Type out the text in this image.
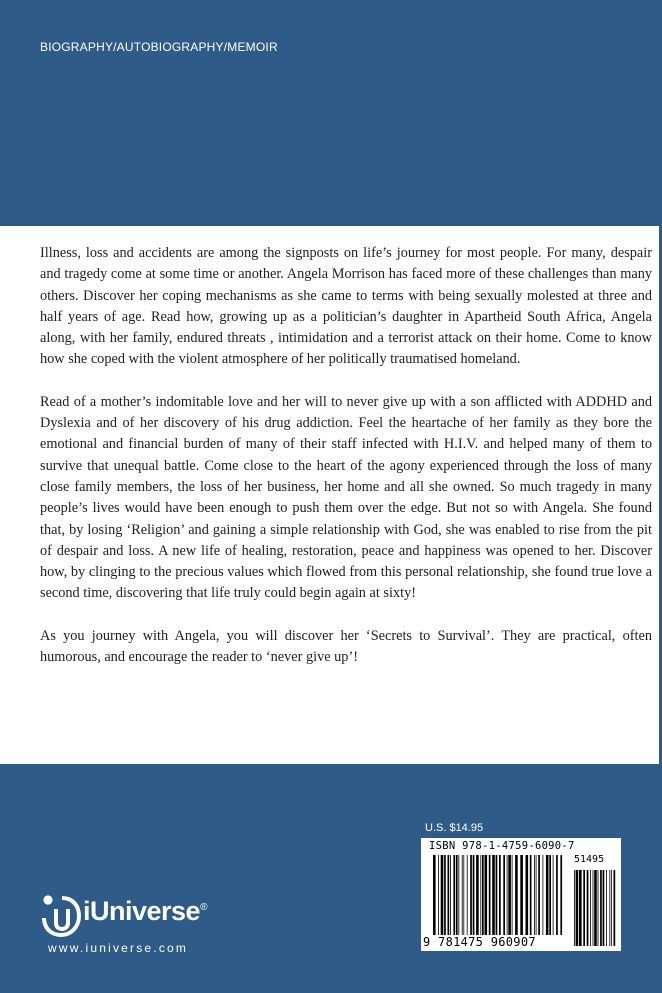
BIOGRAPHY/AUTOBIOGRAPHY/MEMOIR

Illness, loss and accidents are among the signposts on life’s journey for most people. For many, despair and tragedy come at some time or another. Angela Morrison has faced more of these challenges than many others. Discover her coping mechanisms as she came to terms with being sexually molested at three and half years of age. Read how, growing up as a politician’s daughter in Apartheid South Africa, Angela along, with her family, endured threats , intimidation and a terrorist attack on their home. Come to know how she coped with the violent atmosphere of her politically traumatised homeland.

Read of a mother’s indomitable love and her will to never give up with a son afflicted with ADDHD and Dyslexia and of her discovery of his drug addiction. Feel the heartache of her family as they bore the emotional and financial burden of many of their staff infected with H.I.V. and helped many of them to survive that unequal battle. Come close to the heart of the agony experienced through the loss of many close family members, the loss of her business, her home and all she owned. So much tragedy in many people’s lives would have been enough to push them over the edge. But not so with Angela. She found that, by losing ‘Religion’ and gaining a simple relationship with God, she was enabled to rise from the pit of despair and loss. A new life of healing, restoration, peace and happiness was opened to her. Discover how, by clinging to the precious values which flowed from this personal relationship, she found true love a second time, discovering that life truly could begin again at sixty!

As you journey with Angela, you will discover her ‘Secrets to Survival’. They are practical, often humorous, and encourage the reader to ‘never give up’!

U.S. $14.95
ISBN 978-1-4759-6090-7
51495
9 781475 960907
iUniverse®
www.iuniverse.com
